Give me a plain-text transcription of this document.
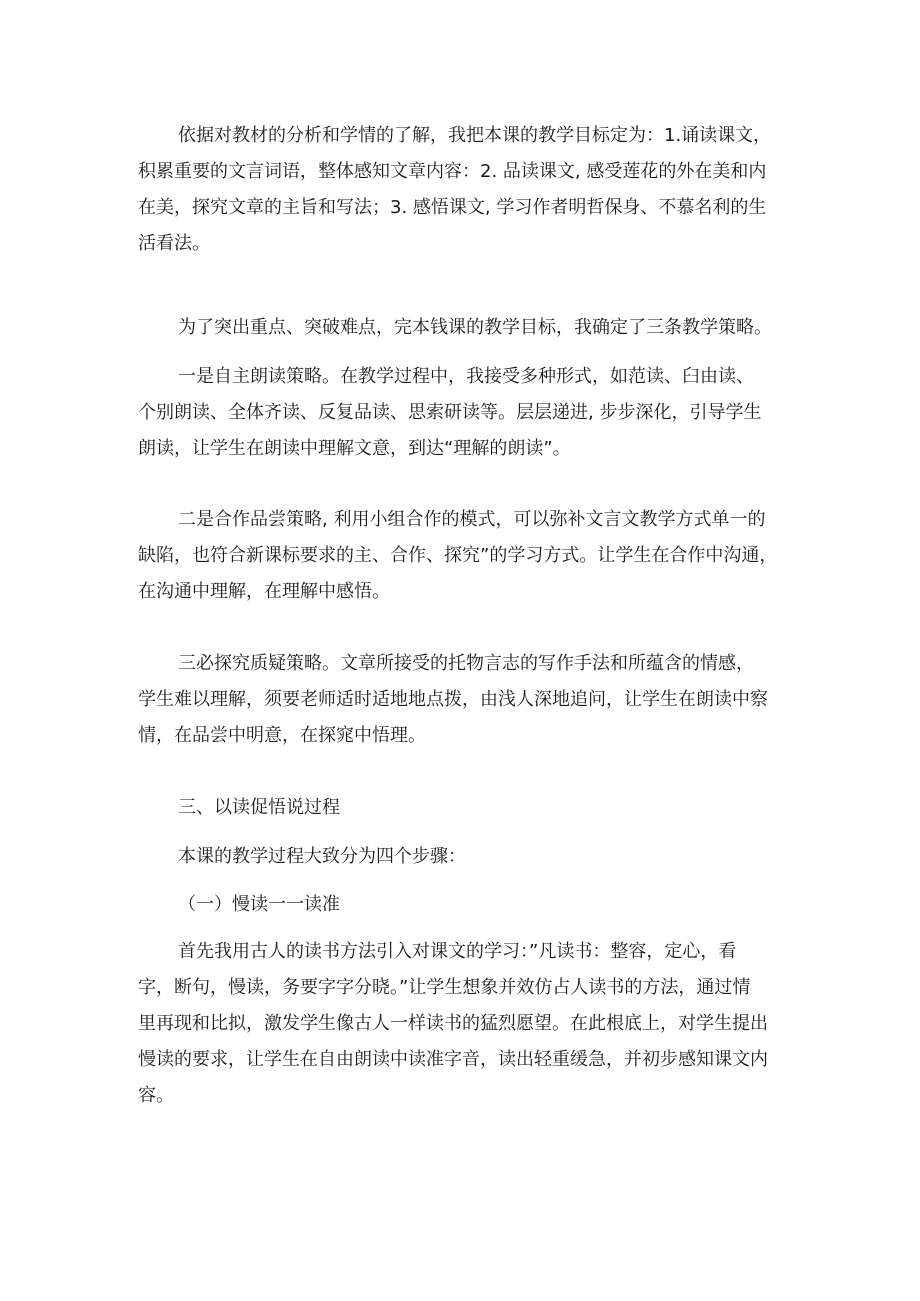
依据对教材的分析和学情的了解，我把本课的教学目标定为：1.诵读课文，
积累重要的文言词语，整体感知文章内容：2. 品读课文, 感受莲花的外在美和内
在美，探究文章的主旨和写法；3. 感悟课文, 学习作者明哲保身、不慕名利的生
活看法。

为了突出重点、突破难点，完本钱课的教学目标，我确定了三条教学策略。

一是自主朗读策略。在教学过程中，我接受多种形式，如范读、臼由读、
个别朗读、全体齐读、反复品读、思索研读等。层层递进, 步步深化，引导学生
朗读，让学生在朗读中理解文意，到达“理解的朗读”。

二是合作品尝策略, 利用小组合作的模式，可以弥补文言文教学方式单一的
缺陷，也符合新课标要求的主、合作、探究”的学习方式。让学生在合作中沟通，
在沟通中理解，在理解中感悟。

三必探究质疑策略。文章所接受的托物言志的写作手法和所蕴含的情感，
学生难以理解，须要老师适时适地地点拨，由浅人深地追问，让学生在朗读中察
情，在品尝中明意，在探窕中悟理。

三、以读促悟说过程

本课的教学过程大致分为四个步骤：

（一）慢读一一读准

首先我用古人的读书方法引入对课文的学习：”凡读书：整容，定心，看
字，断句，慢读，务要字字分晓。”让学生想象并效仿占人读书的方法，通过情
里再现和比拟，激发学生像古人一样读书的猛烈愿望。在此根底上，对学生提出
慢读的要求，让学生在自由朗读中读准字音，读出轻重缓急，并初步感知课文内
容。
